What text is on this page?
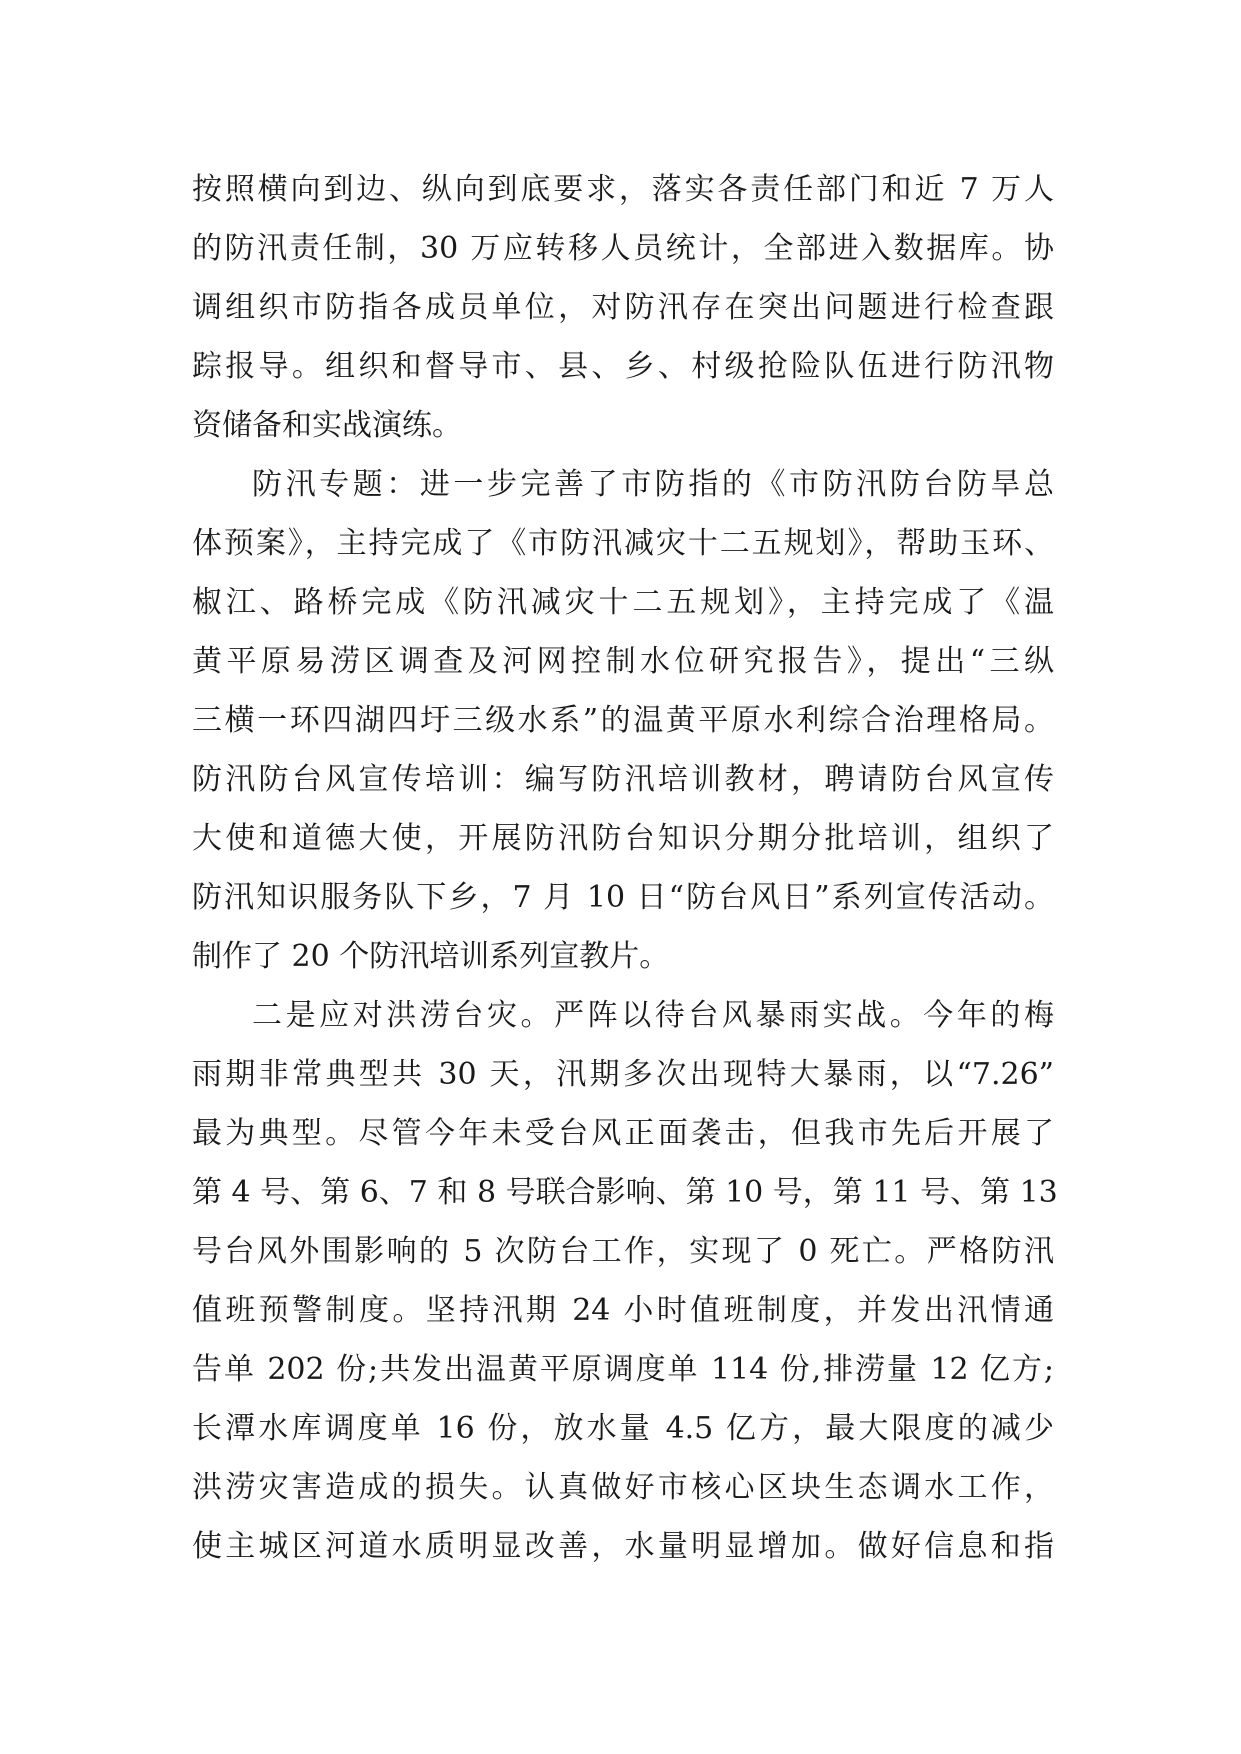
按照横向到边、纵向到底要求，落实各责任部门和近 7 万人
的防汛责任制，30 万应转移人员统计，全部进入数据库。协
调组织市防指各成员单位，对防汛存在突出问题进行检查跟
踪报导。组织和督导市、县、乡、村级抢险队伍进行防汛物
资储备和实战演练。
防汛专题：进一步完善了市防指的《市防汛防台防旱总
体预案》，主持完成了《市防汛减灾十二五规划》，帮助玉环、
椒江、路桥完成《防汛减灾十二五规划》，主持完成了《温
黄平原易涝区调查及河网控制水位研究报告》，提出“三纵
三横一环四湖四圩三级水系”的温黄平原水利综合治理格局。
防汛防台风宣传培训：编写防汛培训教材，聘请防台风宣传
大使和道德大使，开展防汛防台知识分期分批培训，组织了
防汛知识服务队下乡，7 月 10 日“防台风日”系列宣传活动。
制作了 20 个防汛培训系列宣教片。
二是应对洪涝台灾。严阵以待台风暴雨实战。今年的梅
雨期非常典型共 30 天，汛期多次出现特大暴雨，以“7.26”
最为典型。尽管今年未受台风正面袭击，但我市先后开展了
第 4 号、第 6、7 和 8 号联合影响、第 10 号，第 11 号、第 13
号台风外围影响的 5 次防台工作，实现了 0 死亡。严格防汛
值班预警制度。坚持汛期 24 小时值班制度，并发出汛情通
告单 202 份;共发出温黄平原调度单 114 份,排涝量 12 亿方;
长潭水库调度单 16 份，放水量 4.5 亿方，最大限度的减少
洪涝灾害造成的损失。认真做好市核心区块生态调水工作，
使主城区河道水质明显改善，水量明显增加。做好信息和指
